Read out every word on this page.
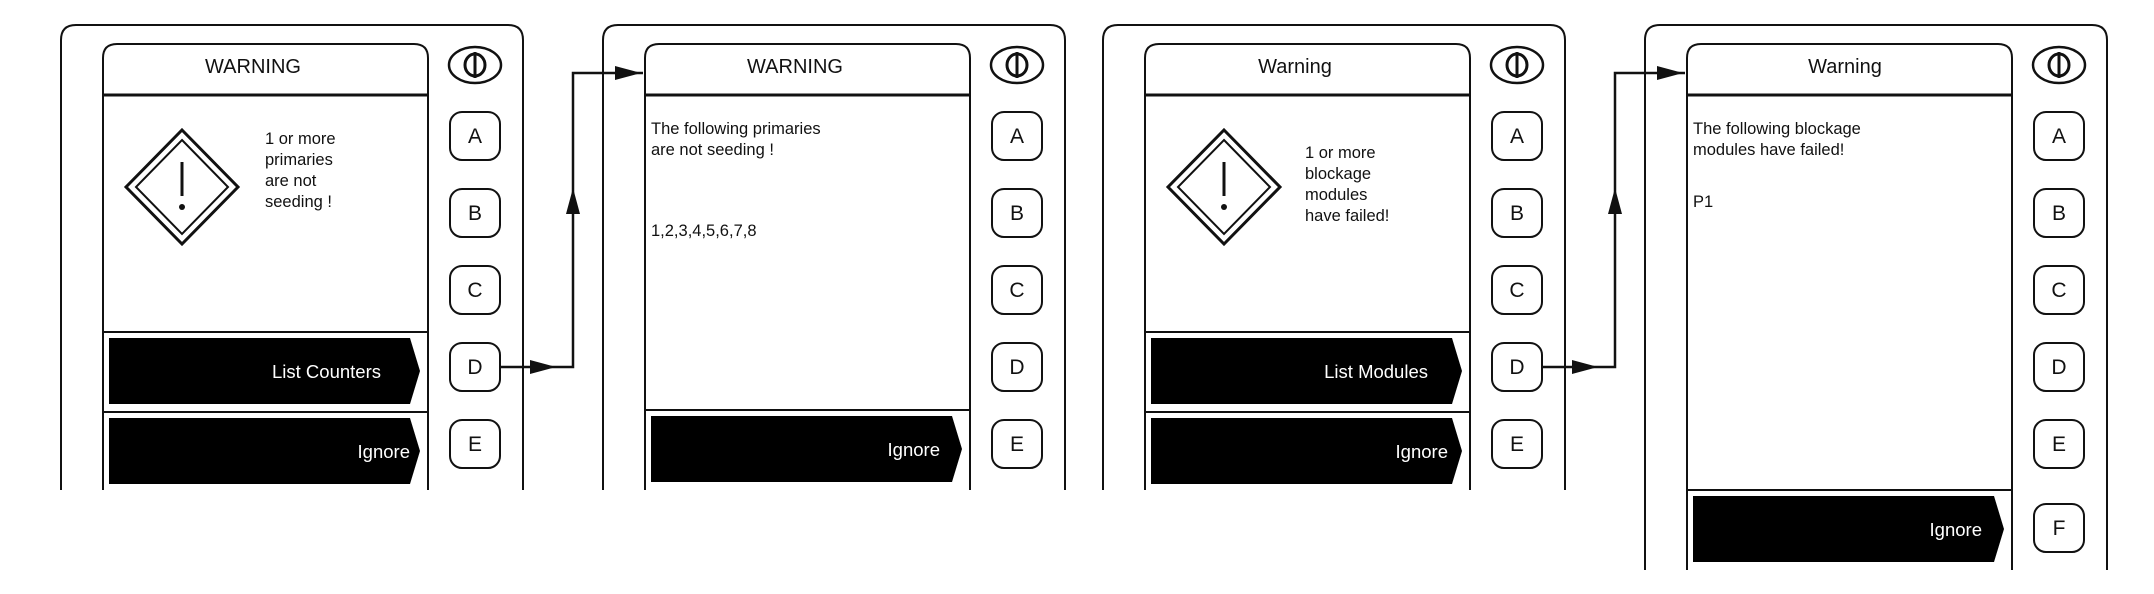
WARNING
1 or more
primaries
are not
seeding !
List Counters
Ignore
A
B
C
D
E
WARNING
The following primaries
are not seeding !
1,2,3,4,5,6,7,8
Ignore
A
B
C
D
E
Warning
1 or more
blockage
modules
have failed!
List Modules
Ignore
A
B
C
D
E
Warning
The following blockage
modules have failed!
P1
Ignore
A
B
C
D
E
F
